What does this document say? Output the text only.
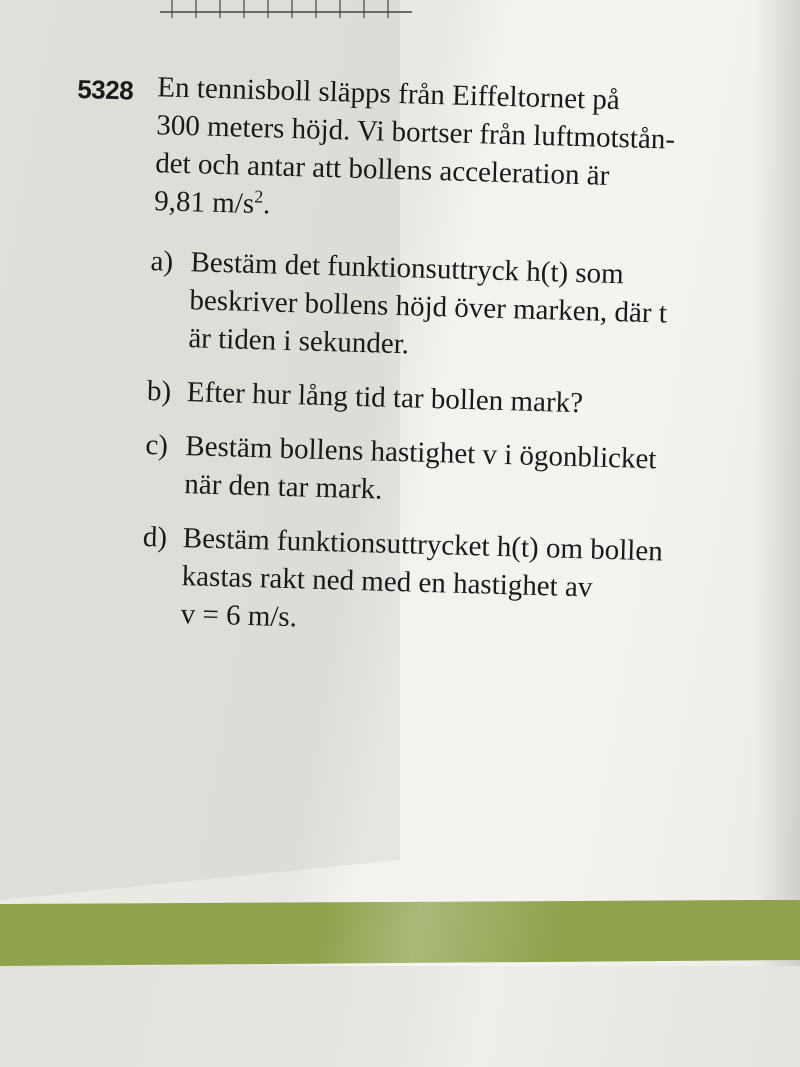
5328 En tennisboll släpps från Eiffeltornet på

300 meters höjd. Vi bortser från luftmotstån-

det och antar att bollens acceleration är

9,81 $m/s^2$.

a) Bestäm det funktionsuttryck h(t) som

beskriver bollens höjd över marken, där t

är tiden i sekunder.

b) Efter hur lång tid tar bollen mark?

c) Bestäm bollens hastighet v i ögonblicket

när den tar mark.

d) Bestäm funktionsuttrycket h(t) om bollen

kastas rakt ned med en hastighet av

v = 6 m/s.
